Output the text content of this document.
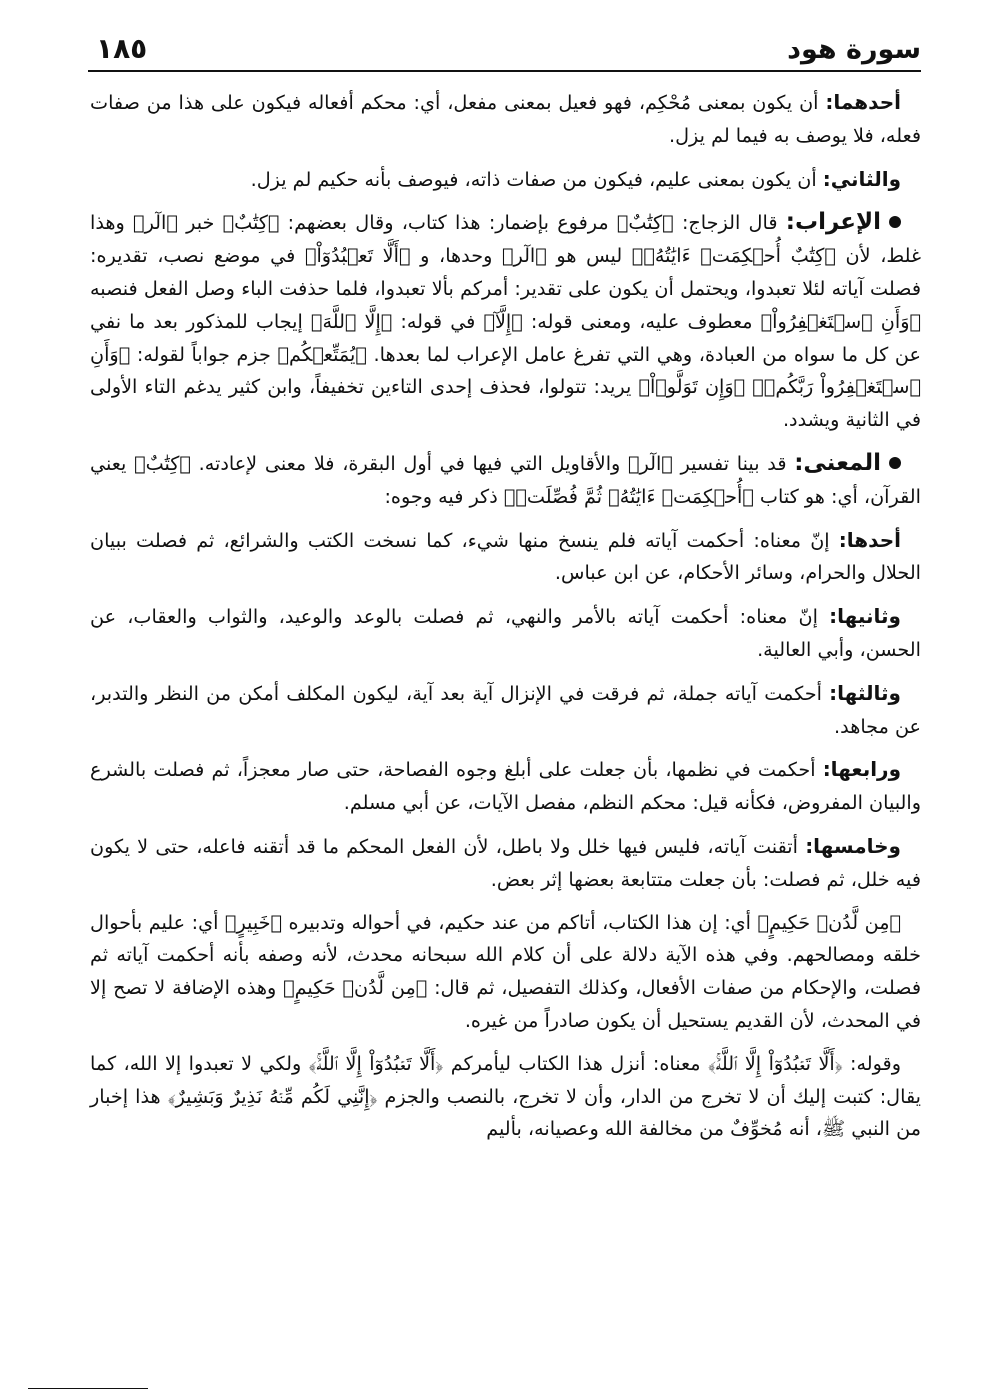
سورة هود
١٨٥

أحدهما: أن يكون بمعنى مُحْكِم، فهو فعيل بمعنى مفعل، أي: محكم أفعاله فيكون على هذا من صفات فعله، فلا يوصف به فيما لم يزل.

والثاني: أن يكون بمعنى عليم، فيكون من صفات ذاته، فيوصف بأنه حكيم لم يزل.

الإعراب: قال الزجاج: ﴿كِتَٰبٌ﴾ مرفوع بإضمار: هذا كتاب، وقال بعضهم: ﴿كِتَٰبٌ﴾ خبر ﴿الٓر﴾ وهذا غلط، لأن ﴿كِتَٰبٌ أُحۡكِمَتۡ ءَايَٰتُهُۥ﴾ ليس هو ﴿الٓر﴾ وحدها، و ﴿أَلَّا تَعۡبُدُوٓاْ﴾ في موضع نصب، تقديره: فصلت آياته لئلا تعبدوا، ويحتمل أن يكون على تقدير: أمركم بألا تعبدوا، فلما حذفت الباء وصل الفعل فنصبه ﴿وَأَنِ ٱسۡتَغۡفِرُواْ﴾ معطوف عليه، ومعنى قوله: ﴿إِلَّآ﴾ في قوله: ﴿إِلَّا ٱللَّهَ﴾ إيجاب للمذكور بعد ما نفي عن كل ما سواه من العبادة، وهي التي تفرغ عامل الإعراب لما بعدها. ﴿يُمَتِّعۡكُم﴾ جزم جواباً لقوله: ﴿وَأَنِ ٱسۡتَغۡفِرُواْ رَبَّكُمۡ﴾ ﴿وَإِن تَوَلَّوۡاْ﴾ يريد: تتولوا، فحذف إحدى التاءين تخفيفاً، وابن كثير يدغم التاء الأولى في الثانية ويشدد.

المعنى: قد بينا تفسير ﴿الٓر﴾ والأقاويل التي فيها في أول البقرة، فلا معنى لإعادته. ﴿كِتَٰبٌ﴾ يعني القرآن، أي: هو كتاب ﴿أُحۡكِمَتۡ ءَايَٰتُهُۥ ثُمَّ فُصِّلَتۡ﴾ ذكر فيه وجوه:

أحدها: إنّ معناه: أحكمت آياته فلم ينسخ منها شيء، كما نسخت الكتب والشرائع، ثم فصلت ببيان الحلال والحرام، وسائر الأحكام، عن ابن عباس.

وثانيها: إنّ معناه: أحكمت آياته بالأمر والنهي، ثم فصلت بالوعد والوعيد، والثواب والعقاب، عن الحسن، وأبي العالية.

وثالثها: أحكمت آياته جملة، ثم فرقت في الإنزال آية بعد آية، ليكون المكلف أمكن من النظر والتدبر، عن مجاهد.

ورابعها: أحكمت في نظمها، بأن جعلت على أبلغ وجوه الفصاحة، حتى صار معجزاً، ثم فصلت بالشرع والبيان المفروض، فكأنه قيل: محكم النظم، مفصل الآيات، عن أبي مسلم.

وخامسها: أتقنت آياته، فليس فيها خلل ولا باطل، لأن الفعل المحكم ما قد أتقنه فاعله، حتى لا يكون فيه خلل، ثم فصلت: بأن جعلت متتابعة بعضها إثر بعض.

﴿مِن لَّدُنۡ حَكِيمٍ﴾ أي: إن هذا الكتاب، أتاكم من عند حكيم، في أحواله وتدبيره ﴿خَبِيرٍ﴾ أي: عليم بأحوال خلقه ومصالحهم. وفي هذه الآية دلالة على أن كلام الله سبحانه محدث، لأنه وصفه بأنه أحكمت آياته ثم فصلت، والإحكام من صفات الأفعال، وكذلك التفصيل، ثم قال: ﴿مِن لَّدُنۡ حَكِيمٍ﴾ وهذه الإضافة لا تصح إلا في المحدث، لأن القديم يستحيل أن يكون صادراً من غيره.

وقوله: ﴿أَلَّا تَعۡبُدُوٓاْ إِلَّا ٱللَّهَۚ﴾ معناه: أنزل هذا الكتاب ليأمركم ﴿أَلَّا تَعۡبُدُوٓاْ إِلَّا ٱللَّهَۚ﴾ ولكي لا تعبدوا إلا الله، كما يقال: كتبت إليك أن لا تخرج من الدار، وأن لا تخرج، بالنصب والجزم ﴿إِنَّنِي لَكُم مِّنۡهُ نَذِيرٌ وَبَشِيرٌ﴾ هذا إخبار من النبي ﷺ، أنه مُخوِّفٌ من مخالفة الله وعصيانه، بأليم
